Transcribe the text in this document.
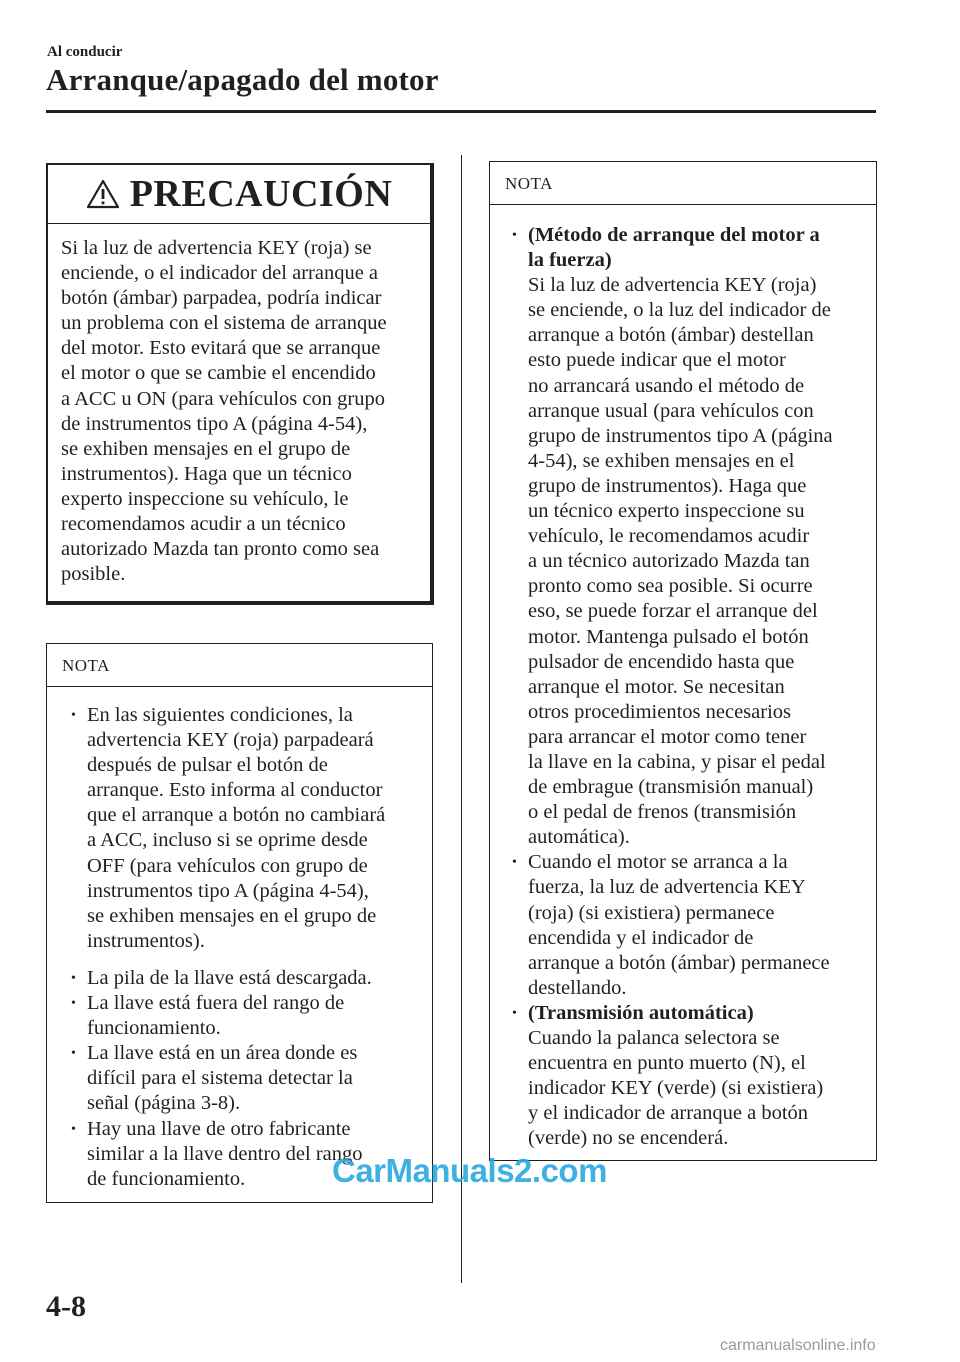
Al conducir
Arranque/apagado del motor
PRECAUCIÓN
Si la luz de advertencia KEY (roja) se
enciende, o el indicador del arranque a
botón (ámbar) parpadea, podría indicar
un problema con el sistema de arranque
del motor. Esto evitará que se arranque
el motor o que se cambie el encendido
a ACC u ON (para vehículos con grupo
de instrumentos tipo A (página 4-54),
se exhiben mensajes en el grupo de
instrumentos). Haga que un técnico
experto inspeccione su vehículo, le
recomendamos acudir a un técnico
autorizado Mazda tan pronto como sea
posible.
NOTA
• En las siguientes condiciones, la
advertencia KEY (roja) parpadeará
después de pulsar el botón de
arranque. Esto informa al conductor
que el arranque a botón no cambiará
a ACC, incluso si se oprime desde
OFF (para vehículos con grupo de
instrumentos tipo A (página 4-54),
se exhiben mensajes en el grupo de
instrumentos).
• La pila de la llave está descargada.
• La llave está fuera del rango de
funcionamiento.
• La llave está en un área donde es
difícil para el sistema detectar la
señal (página 3-8).
• Hay una llave de otro fabricante
similar a la llave dentro del rango
de funcionamiento.
NOTA
• (Método de arranque del motor a
la fuerza)
Si la luz de advertencia KEY (roja)
se enciende, o la luz del indicador de
arranque a botón (ámbar) destellan
esto puede indicar que el motor
no arrancará usando el método de
arranque usual (para vehículos con
grupo de instrumentos tipo A (página
4-54), se exhiben mensajes en el
grupo de instrumentos). Haga que
un técnico experto inspeccione su
vehículo, le recomendamos acudir
a un técnico autorizado Mazda tan
pronto como sea posible. Si ocurre
eso, se puede forzar el arranque del
motor. Mantenga pulsado el botón
pulsador de encendido hasta que
arranque el motor. Se necesitan
otros procedimientos necesarios
para arrancar el motor como tener
la llave en la cabina, y pisar el pedal
de embrague (transmisión manual)
o el pedal de frenos (transmisión
automática).
• Cuando el motor se arranca a la
fuerza, la luz de advertencia KEY
(roja) (si existiera) permanece
encendida y el indicador de
arranque a botón (ámbar) permanece
destellando.
• (Transmisión automática)
Cuando la palanca selectora se
encuentra en punto muerto (N), el
indicador KEY (verde) (si existiera)
y el indicador de arranque a botón
(verde) no se encenderá.
4-8
CarManuals2.com
carmanualsonline.info
